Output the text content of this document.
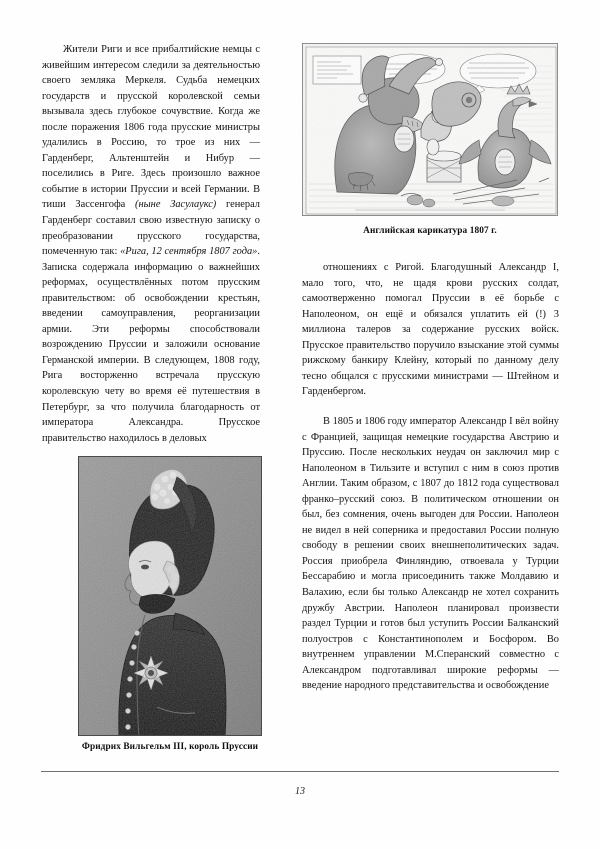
Жители Риги и все прибалтийские немцы с живейшим интересом следили за деятельностью своего земляка Меркеля. Судьба немецких государств и прусской королевской семьи вызывала здесь глубокое сочувствие. Когда же после поражения 1806 года прусские министры удалились в Россию, то трое из них — Гарденберг, Альтенштейн и Нибур — поселились в Риге. Здесь произошло важное событие в истории Пруссии и всей Германии. В тиши Зассенгофа (ныне Засулаукс) генерал Гарденберг составил свою известную записку о преобразовании прусского государства, помеченную так: «Рига, 12 сентября 1807 года». Записка содержала информацию о важнейших реформах, осуществлённых потом прусским правительством: об освобождении крестьян, введении самоуправления, реорганизации армии. Эти реформы способствовали возрождению Пруссии и заложили основание Германской империи. В следующем, 1808 году, Рига восторженно встречала прусскую королевскую чету во время её путешествия в Петербург, за что получила благодарность от императора Александра. Прусское правительство находилось в деловых

Английская карикатура 1807 г.

отношениях с Ригой. Благодушный Александр I, мало того, что, не щадя крови русских солдат, самоотверженно помогал Пруссии в её борьбе с Наполеоном, он ещё и обязался уплатить ей (!) 3 миллиона талеров за содержание русских войск. Прусское правительство поручило взыскание этой суммы рижскому банкиру Клейну, который по данному делу тесно общался с прусскими министрами — Штейном и Гарденбергом.

В 1805 и 1806 году император Александр I вёл войну с Францией, защищая немецкие государства Австрию и Пруссию. После нескольких неудач он заключил мир с Наполеоном в Тильзите и вступил с ним в союз против Англии. Таким образом, с 1807 до 1812 года существовал франко–русский союз. В политическом отношении он был, без сомнения, очень выгоден для России. Наполеон не видел в ней соперника и предоставил России полную свободу в решении своих внешнеполитических задач. Россия приобрела Финляндию, отвоевала у Турции Бессарабию и могла присоединить также Молдавию и Валахию, если бы только Александр не хотел сохранить дружбу Австрии. Наполеон планировал произвести раздел Турции и готов был уступить России Балканский полуостров с Константинополем и Босфором. Во внутреннем управлении М.Сперанский совместно с Александром подготавливал широкие реформы — введение народного представительства и освобождение

Фридрих Вильгельм III, король Пруссии
13
